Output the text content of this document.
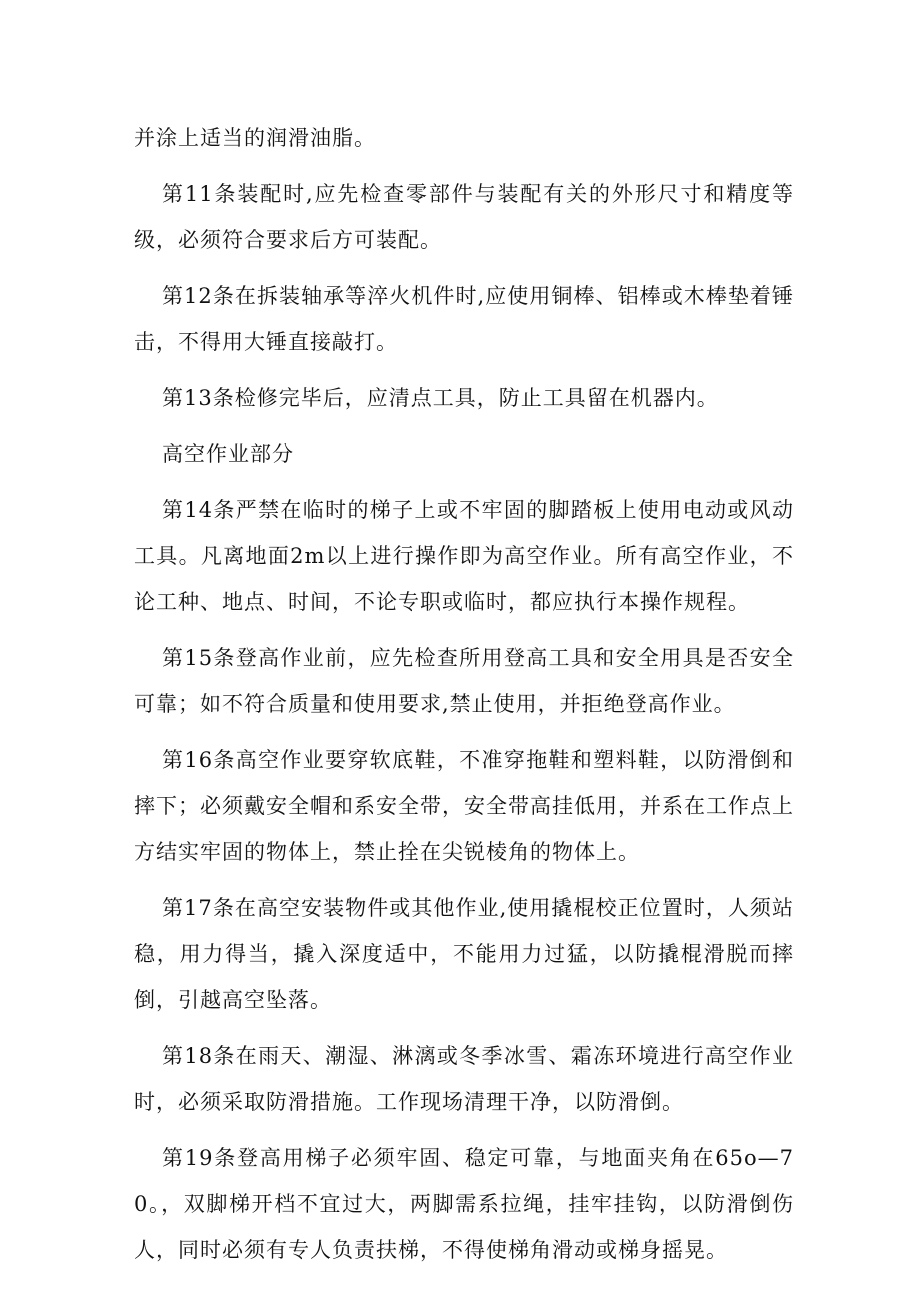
并涂上适当的润滑油脂。

第11条装配时,应先检查零部件与装配有关的外形尺寸和精度等级，必须符合要求后方可装配。

第12条在拆装轴承等淬火机件时,应使用铜棒、铝棒或木棒垫着锤击，不得用大锤直接敲打。

第13条检修完毕后，应清点工具，防止工具留在机器内。

高空作业部分

第14条严禁在临时的梯子上或不牢固的脚踏板上使用电动或风动工具。凡离地面2m以上进行操作即为高空作业。所有高空作业，不论工种、地点、时间，不论专职或临时，都应执行本操作规程。

第15条登高作业前，应先检查所用登高工具和安全用具是否安全可靠；如不符合质量和使用要求,禁止使用，并拒绝登高作业。

第16条高空作业要穿软底鞋，不准穿拖鞋和塑料鞋，以防滑倒和摔下；必须戴安全帽和系安全带，安全带高挂低用，并系在工作点上方结实牢固的物体上，禁止拴在尖锐棱角的物体上。

第17条在高空安装物件或其他作业,使用撬棍校正位置时，人须站稳，用力得当，撬入深度适中，不能用力过猛，以防撬棍滑脱而摔倒，引越高空坠落。

第18条在雨天、潮湿、淋漓或冬季冰雪、霜冻环境进行高空作业时，必须采取防滑措施。工作现场清理干净，以防滑倒。

第19条登高用梯子必须牢固、稳定可靠，与地面夹角在65o—70。，双脚梯开档不宜过大，两脚需系拉绳，挂牢挂钩，以防滑倒伤人，同时必须有专人负责扶梯，不得使梯角滑动或梯身摇晃。
